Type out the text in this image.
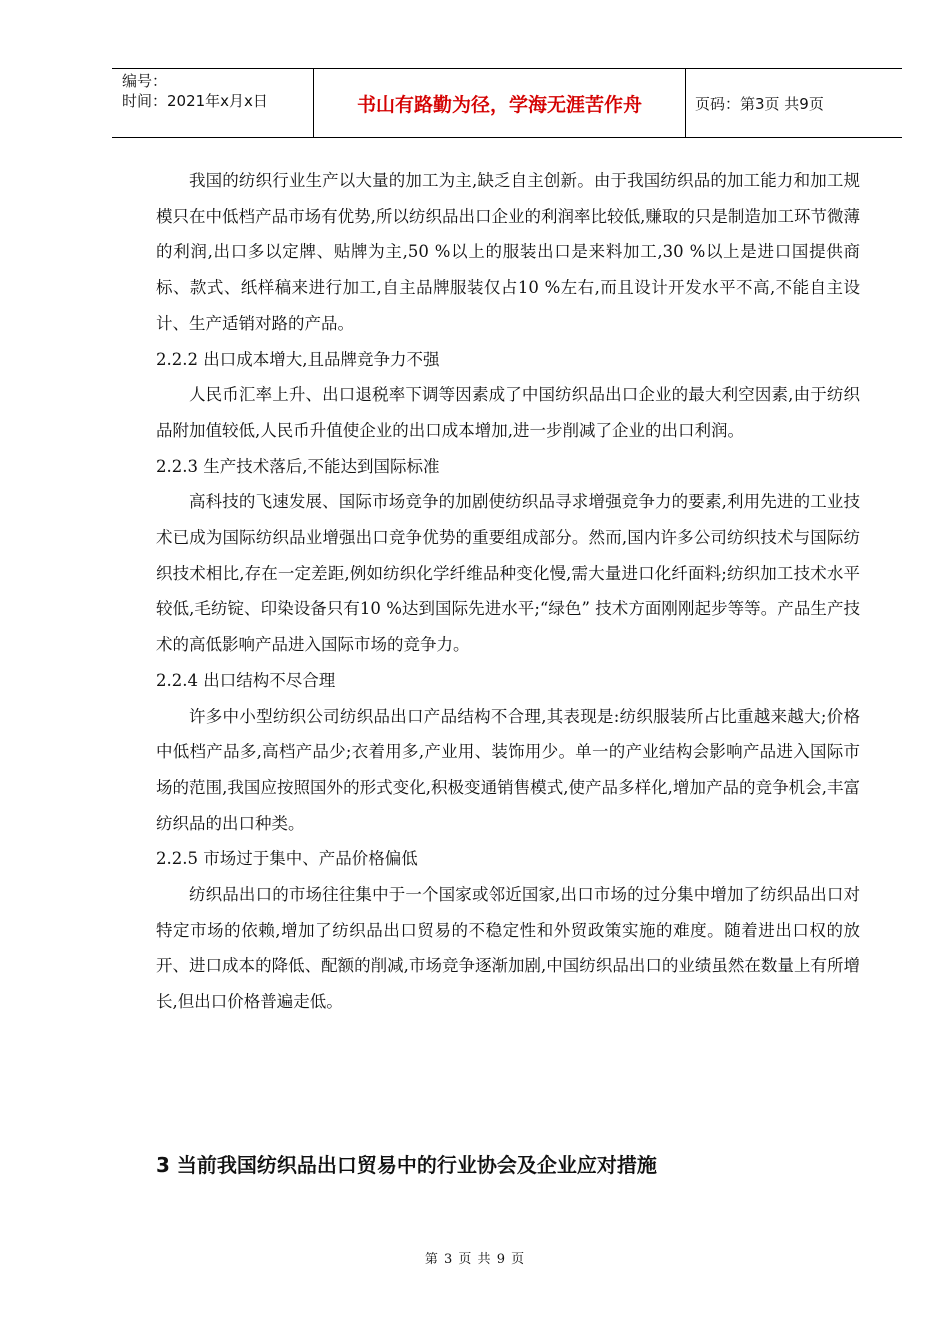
编号：
时间：2021年x月x日	书山有路勤为径，学海无涯苦作舟	页码：第3页 共9页

我国的纺织行业生产以大量的加工为主,缺乏自主创新。由于我国纺织品的加工能力和加工规模只在中低档产品市场有优势,所以纺织品出口企业的利润率比较低,赚取的只是制造加工环节微薄的利润,出口多以定牌、贴牌为主,50 %以上的服装出口是来料加工,30 %以上是进口国提供商标、款式、纸样稿来进行加工,自主品牌服装仅占10 %左右,而且设计开发水平不高,不能自主设计、生产适销对路的产品。

2.2.2 出口成本增大,且品牌竞争力不强

人民币汇率上升、出口退税率下调等因素成了中国纺织品出口企业的最大利空因素,由于纺织品附加值较低,人民币升值使企业的出口成本增加,进一步削减了企业的出口利润。

2.2.3 生产技术落后,不能达到国际标准

高科技的飞速发展、国际市场竞争的加剧使纺织品寻求增强竞争力的要素,利用先进的工业技术已成为国际纺织品业增强出口竞争优势的重要组成部分。然而,国内许多公司纺织技术与国际纺织技术相比,存在一定差距,例如纺织化学纤维品种变化慢,需大量进口化纤面料;纺织加工技术水平较低,毛纺锭、印染设备只有10 %达到国际先进水平;“绿色” 技术方面刚刚起步等等。产品生产技术的高低影响产品进入国际市场的竞争力。

2.2.4 出口结构不尽合理

许多中小型纺织公司纺织品出口产品结构不合理,其表现是:纺织服装所占比重越来越大;价格中低档产品多,高档产品少;衣着用多,产业用、装饰用少。单一的产业结构会影响产品进入国际市场的范围,我国应按照国外的形式变化,积极变通销售模式,使产品多样化,增加产品的竞争机会,丰富纺织品的出口种类。

2.2.5 市场过于集中、产品价格偏低

纺织品出口的市场往往集中于一个国家或邻近国家,出口市场的过分集中增加了纺织品出口对特定市场的依赖,增加了纺织品出口贸易的不稳定性和外贸政策实施的难度。随着进出口权的放开、进口成本的降低、配额的削减,市场竞争逐渐加剧,中国纺织品出口的业绩虽然在数量上有所增长,但出口价格普遍走低。

3 当前我国纺织品出口贸易中的行业协会及企业应对措施
第 3 页 共 9 页
